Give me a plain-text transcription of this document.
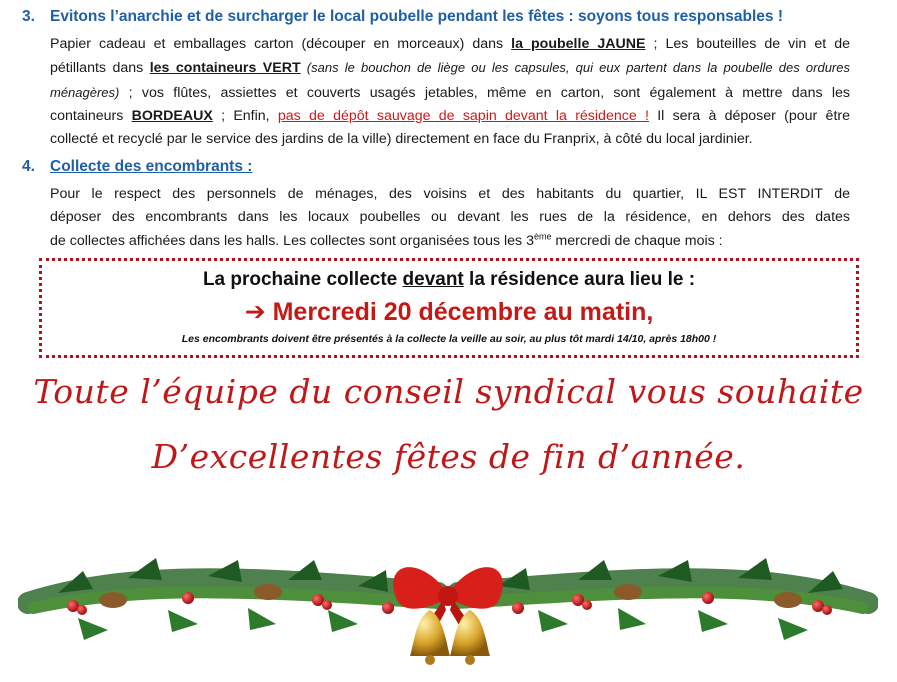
3. Evitons l’anarchie et de surcharger le local poubelle pendant les fêtes : soyons tous responsables !
Papier cadeau et emballages carton (découper en morceaux) dans la poubelle JAUNE ; Les bouteilles de vin et de
pétillants dans les containeurs VERT (sans le bouchon de liège ou les capsules, qui eux partent dans la poubelle des ordures
ménagères) ; vos flûtes, assiettes et couverts usagés jetables, même en carton, sont également à mettre dans les
containeurs BORDEAUX ; Enfin, pas de dépôt sauvage de sapin devant la résidence ! Il sera à déposer (pour être
collecté et recyclé par le service des jardins de la ville) directement en face du Franprix, à côté du local jardinier.
4. Collecte des encombrants :
Pour le respect des personnels de ménages, des voisins et des habitants du quartier, IL EST INTERDIT de
déposer des encombrants dans les locaux poubelles ou devant les rues de la résidence, en dehors des dates
de collectes affichées dans les halls. Les collectes sont organisées tous les 3ème mercredi de chaque mois :
La prochaine collecte devant la résidence aura lieu le :
➔ Mercredi 20 décembre au matin,
Les encombrants doivent être présentés à la collecte la veille au soir, au plus tôt mardi 14/10, après 18h00 !
Toute l’équipe du conseil syndical vous souhaite
D’excellentes fêtes de fin d’année.
